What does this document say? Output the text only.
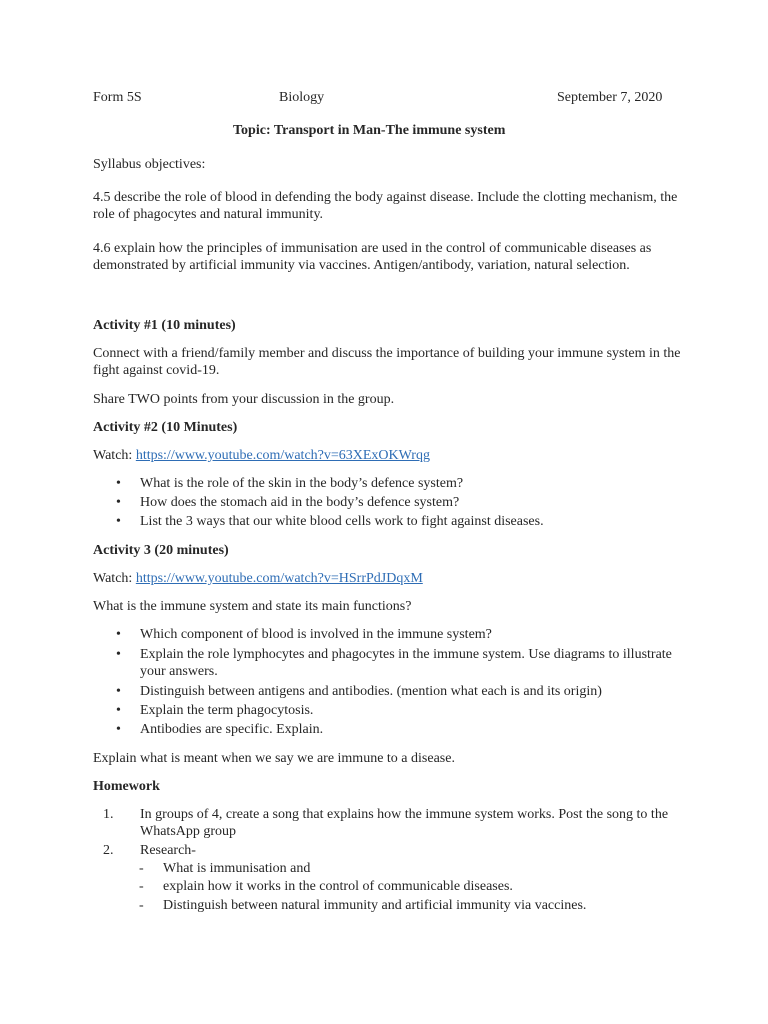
Form 5S	Biology	September 7, 2020
Topic: Transport in Man-The immune system
Syllabus objectives:
4.5 describe the role of blood in defending the body against disease. Include the clotting mechanism, the role of phagocytes and natural immunity.
4.6 explain how the principles of immunisation are used in the control of communicable diseases as demonstrated by artificial immunity via vaccines. Antigen/antibody, variation, natural selection.
Activity #1 (10 minutes)
Connect with a friend/family member and discuss the importance of building your immune system in the fight against covid-19.
Share TWO points from your discussion in the group.
Activity #2 (10 Minutes)
Watch: https://www.youtube.com/watch?v=63XExOKWrqg
• What is the role of the skin in the body’s defence system?
• How does the stomach aid in the body’s defence system?
• List the 3 ways that our white blood cells work to fight against diseases.
Activity 3 (20 minutes)
Watch: https://www.youtube.com/watch?v=HSrrPdJDqxM
What is the immune system and state its main functions?
• Which component of blood is involved in the immune system?
• Explain the role lymphocytes and phagocytes in the immune system. Use diagrams to illustrate your answers.
• Distinguish between antigens and antibodies. (mention what each is and its origin)
• Explain the term phagocytosis.
• Antibodies are specific. Explain.
Explain what is meant when we say we are immune to a disease.
Homework
1. In groups of 4, create a song that explains how the immune system works. Post the song to the WhatsApp group
2. Research-
- What is immunisation and
- explain how it works in the control of communicable diseases.
- Distinguish between natural immunity and artificial immunity via vaccines.
